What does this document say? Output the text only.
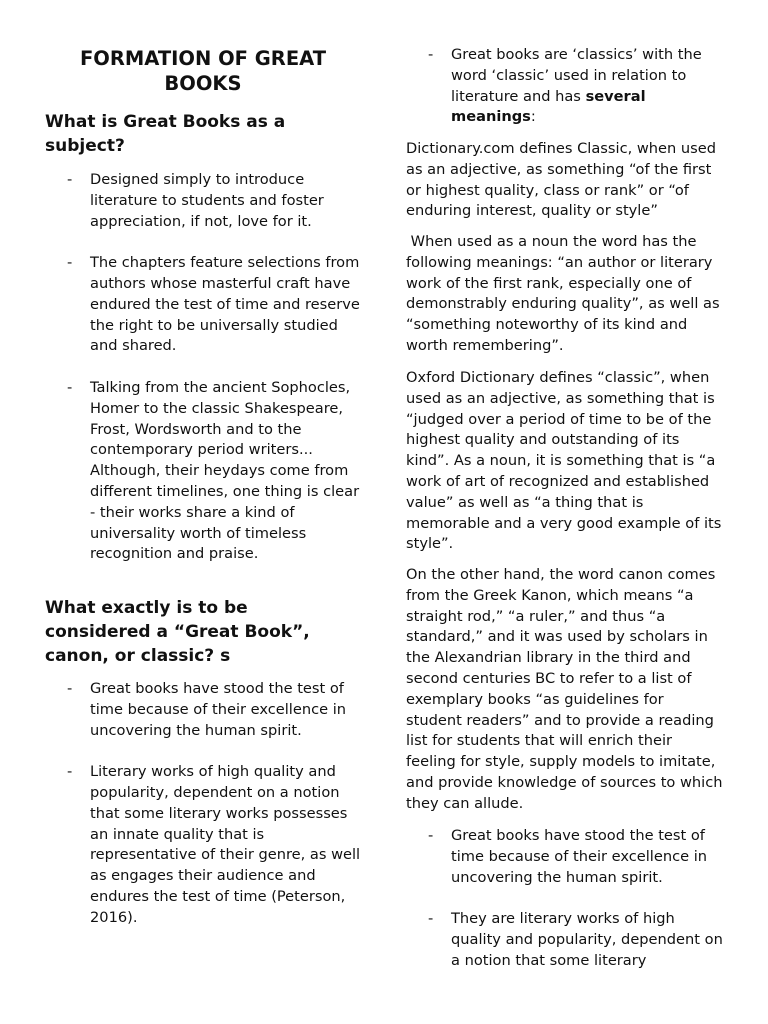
FORMATION OF GREAT
BOOKS
What is Great Books as a subject?
- Designed simply to introduce literature to students and foster appreciation, if not, love for it.
- The chapters feature selections from authors whose masterful craft have endured the test of time and reserve the right to be universally studied and shared.
- Talking from the ancient Sophocles, Homer to the classic Shakespeare, Frost, Wordsworth and to the contemporary period writers... Although, their heydays come from different timelines, one thing is clear - their works share a kind of universality worth of timeless recognition and praise.
What exactly is to be considered a “Great Book”, canon, or classic? s
- Great books have stood the test of time because of their excellence in uncovering the human spirit.
- Literary works of high quality and popularity, dependent on a notion that some literary works possesses an innate quality that is representative of their genre, as well as engages their audience and endures the test of time (Peterson, 2016).
- Great books are ‘classics’ with the word ‘classic’ used in relation to literature and has several meanings:

Dictionary.com defines Classic, when used as an adjective, as something “of the first or highest quality, class or rank” or “of enduring interest, quality or style”

When used as a noun the word has the following meanings: “an author or literary work of the first rank, especially one of demonstrably enduring quality”, as well as “something noteworthy of its kind and worth remembering”.

Oxford Dictionary defines “classic”, when used as an adjective, as something that is “judged over a period of time to be of the highest quality and outstanding of its kind”. As a noun, it is something that is “a work of art of recognized and established value” as well as “a thing that is memorable and a very good example of its style”.

On the other hand, the word canon comes from the Greek Kanon, which means “a straight rod,” “a ruler,” and thus “a standard,” and it was used by scholars in the Alexandrian library in the third and second centuries BC to refer to a list of exemplary books “as guidelines for student readers” and to provide a reading list for students that will enrich their feeling for style, supply models to imitate, and provide knowledge of sources to which they can allude.

- Great books have stood the test of time because of their excellence in uncovering the human spirit.
- They are literary works of high quality and popularity, dependent on a notion that some literary
